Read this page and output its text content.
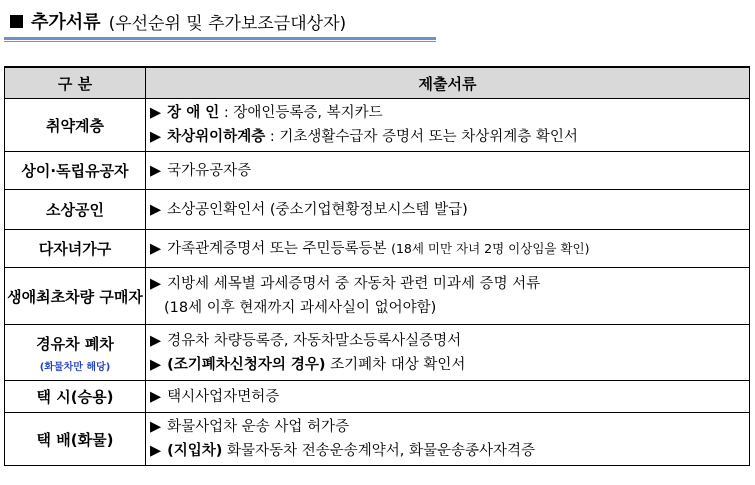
추가서류 (우선순위 및 추가보조금대상자)
구 분	제출서류
취약계층	▶ 장 애 인 : 장애인등록증, 복지카드
▶ 차상위이하계층 : 기초생활수급자 증명서 또는 차상위계층 확인서

상이·독립유공자	▶ 국가유공자증

소상공인	▶ 소상공인확인서 (중소기업현황정보시스템 발급)

다자녀가구	▶ 가족관계증명서 또는 주민등록등본 (18세 미만 자녀 2명 이상임을 확인)

생애최초차량 구매자	▶ 지방세 세목별 과세증명서 중 자동차 관련 미과세 증명 서류
(18세 이후 현재까지 과세사실이 없어야함)

경유차 폐차
(화물차만 해당)	▶ 경유차 차량등록증, 자동차말소등록사실증명서
▶ (조기폐차신청자의 경우) 조기폐차 대상 확인서

택 시(승용)	▶ 택시사업자면허증

택 배(화물)	▶ 화물사업차 운송 사업 허가증
▶ (지입차) 화물자동차 전송운송계약서, 화물운송종사자격증
